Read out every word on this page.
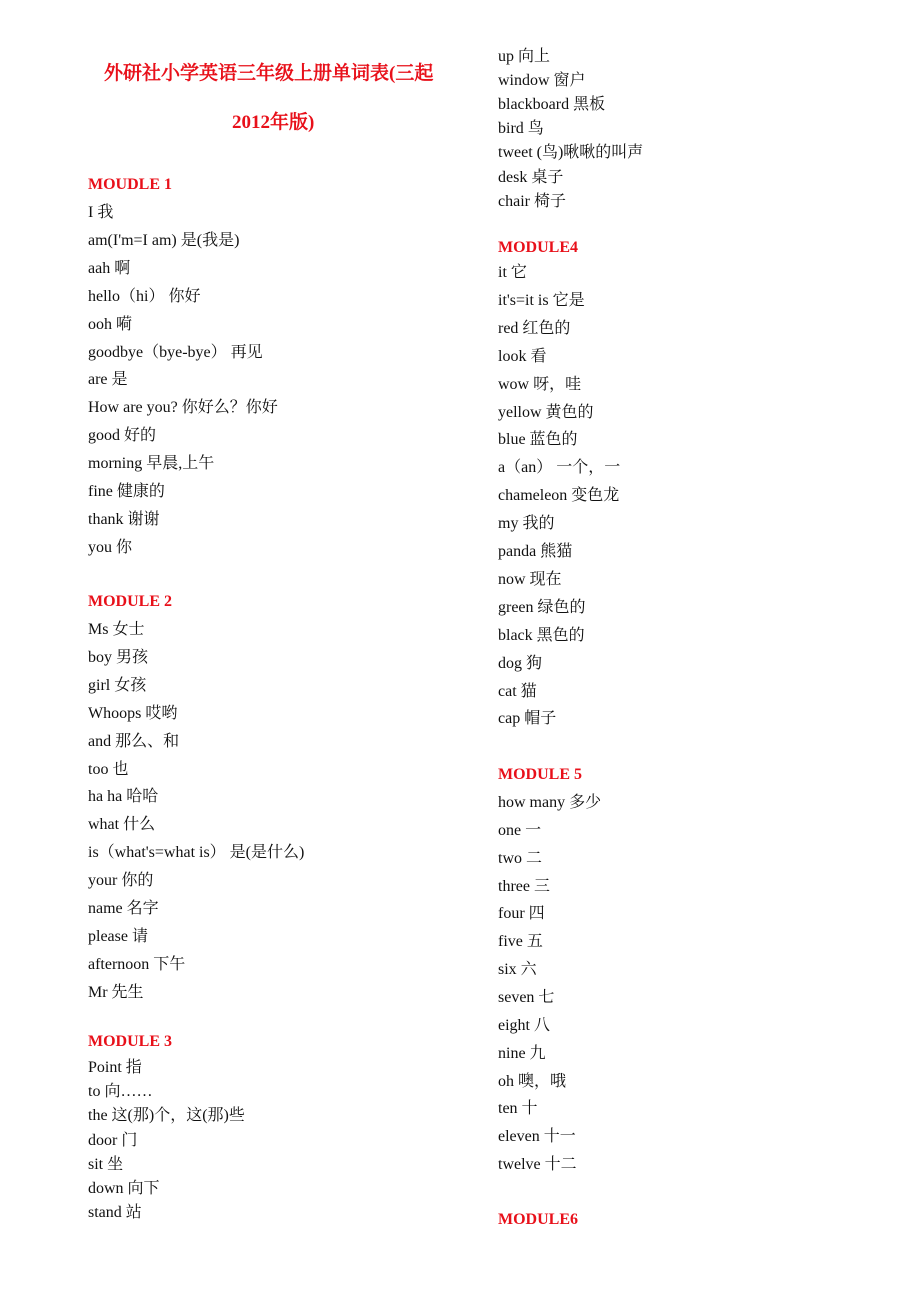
外研社小学英语三年级上册单词表(三起
2012年版)
MOUDLE 1
I 我
am(I'm=I am) 是(我是)
aah 啊
hello（hi） 你好
ooh 嗬
goodbye（bye-bye） 再见
are 是
How are you? 你好么？你好
good 好的
morning 早晨,上午
fine 健康的
thank 谢谢
you 你
MODULE 2
Ms 女士
boy 男孩
girl 女孩
Whoops 哎哟
and 那么、和
too 也
ha ha 哈哈
what 什么
is（what's=what is） 是(是什么)
your 你的
name 名字
please 请
afternoon 下午
Mr 先生
MODULE 3
Point 指
to 向……
the 这(那)个，这(那)些
door 门
sit 坐
down 向下
stand 站
up 向上
window 窗户
blackboard 黑板
bird 鸟
tweet (鸟)啾啾的叫声
desk 桌子
chair 椅子
MODULE4
it 它
it's=it is 它是
red 红色的
look 看
wow 呀，哇
yellow 黄色的
blue 蓝色的
a（an） 一个，一
chameleon 变色龙
my 我的
panda 熊猫
now 现在
green 绿色的
black 黑色的
dog 狗
cat 猫
cap 帽子
MODULE 5
how many 多少
one 一
two 二
three 三
four 四
five 五
six 六
seven 七
eight 八
nine 九
oh 噢，哦
ten 十
eleven 十一
twelve 十二
MODULE6
